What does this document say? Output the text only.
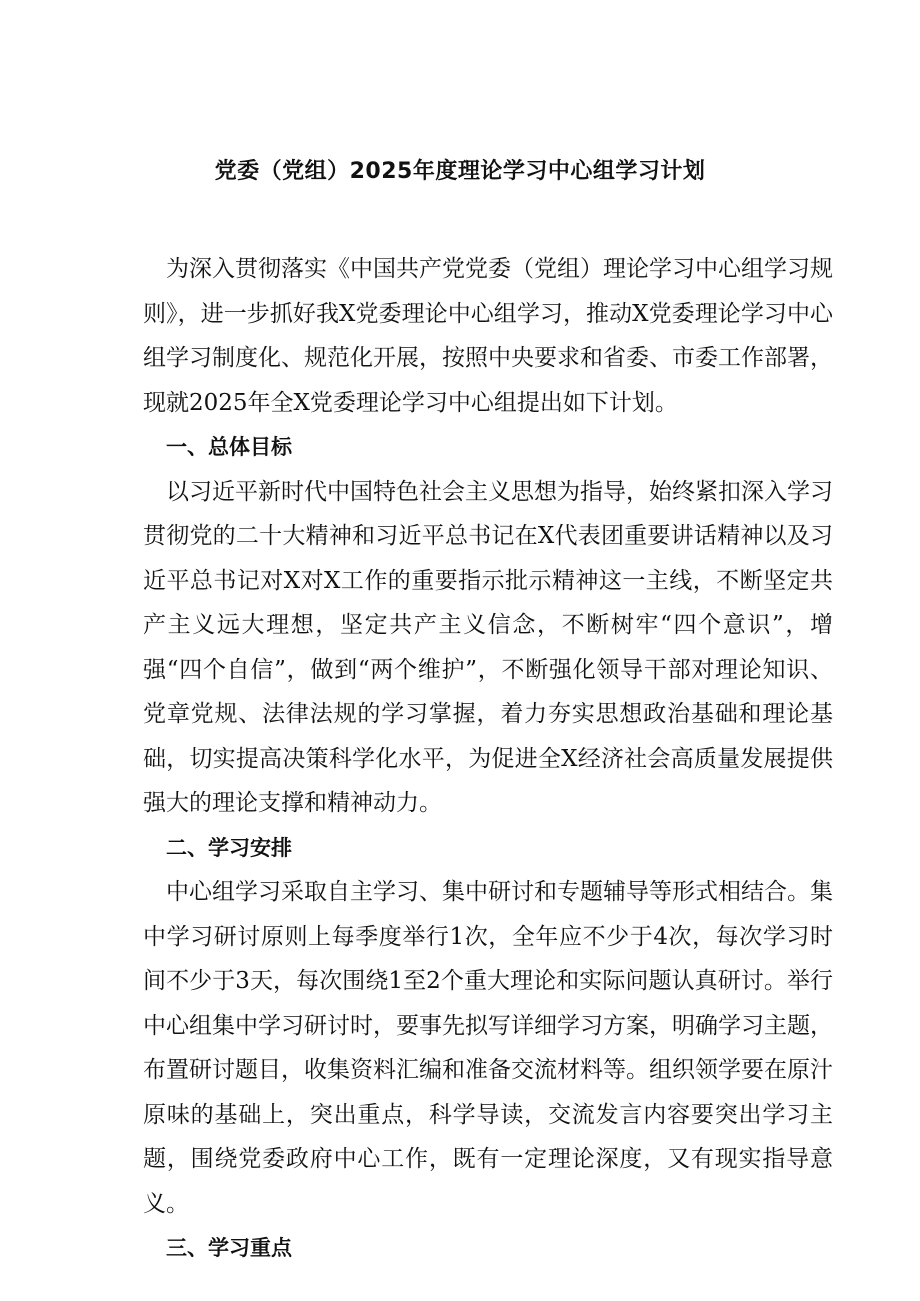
党委（党组）2025年度理论学习中心组学习计划

为深入贯彻落实《中国共产党党委（党组）理论学习中心组学习规则》，进一步抓好我X党委理论中心组学习，推动X党委理论学习中心组学习制度化、规范化开展，按照中央要求和省委、市委工作部署，现就2025年全X党委理论学习中心组提出如下计划。

一、总体目标

以习近平新时代中国特色社会主义思想为指导，始终紧扣深入学习贯彻党的二十大精神和习近平总书记在X代表团重要讲话精神以及习近平总书记对X对X工作的重要指示批示精神这一主线，不断坚定共产主义远大理想，坚定共产主义信念，不断树牢“四个意识”，增强“四个自信”，做到“两个维护”，不断强化领导干部对理论知识、党章党规、法律法规的学习掌握，着力夯实思想政治基础和理论基础，切实提高决策科学化水平，为促进全X经济社会高质量发展提供强大的理论支撑和精神动力。

二、学习安排

中心组学习采取自主学习、集中研讨和专题辅导等形式相结合。集中学习研讨原则上每季度举行1次，全年应不少于4次，每次学习时间不少于3天，每次围绕1至2个重大理论和实际问题认真研讨。举行中心组集中学习研讨时，要事先拟写详细学习方案，明确学习主题，布置研讨题目，收集资料汇编和准备交流材料等。组织领学要在原汁原味的基础上，突出重点，科学导读，交流发言内容要突出学习主题，围绕党委政府中心工作，既有一定理论深度，又有现实指导意义。

三、学习重点
